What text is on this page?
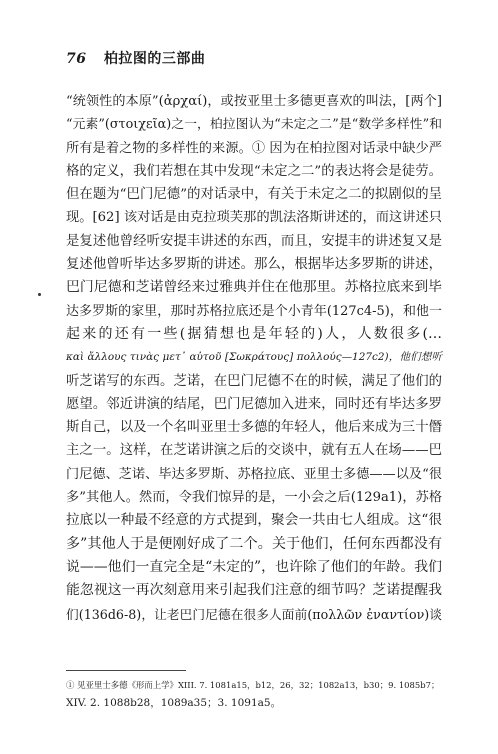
76 柏拉图的三部曲
“统领性的本原”(ἀρχαί)，或按亚里士多德更喜欢的叫法，[两个]
“元素”(στοιχεῖα)之一，柏拉图认为“未定之二”是“数学多样性”和
所有是着之物的多样性的来源。① 因为在柏拉图对话录中缺少严
格的定义，我们若想在其中发现“未定之二”的表达将会是徒劳。
但在题为“巴门尼德”的对话录中，有关于未定之二的拟剧似的呈
现。[62] 该对话是由克拉琐芙那的凯法洛斯讲述的，而这讲述只
是复述他曾经听安提丰讲述的东西，而且，安提丰的讲述复又是
复述他曾听毕达多罗斯的讲述。那么，根据毕达多罗斯的讲述，
巴门尼德和芝诺曾经来过雅典并住在他那里。苏格拉底来到毕
达多罗斯的家里，那时苏格拉底还是个小青年(127c4-5)，和他一
起来的还有一些(据猜想也是年轻的)人，人数很多(…
καὶ ἄλλους τινὰς μετ᾽ αὐτοῦ [Σωκράτους] πολλούς—127c2)，他们想听
听芝诺写的东西。芝诺，在巴门尼德不在的时候，满足了他们的
愿望。邻近讲演的结尾，巴门尼德加入进来，同时还有毕达多罗
斯自己，以及一个名叫亚里士多德的年轻人，他后来成为三十僭
主之一。这样，在芝诺讲演之后的交谈中，就有五人在场——巴
门尼德、芝诺、毕达多罗斯、苏格拉底、亚里士多德——以及“很
多”其他人。然而，令我们惊异的是，一小会之后(129a1)，苏格
拉底以一种最不经意的方式提到，聚会一共由七人组成。这“很
多”其他人于是便刚好成了二个。关于他们，任何东西都没有
说——他们一直完全是“未定的”，也许除了他们的年龄。我们
能忽视这一再次刻意用来引起我们注意的细节吗？芝诺提醒我
们(136d6-8)，让老巴门尼德在很多人面前(πολλῶν ἐναντίον)谈
① 见亚里士多德《形而上学》XIII. 7. 1081a15，b12，26，32；1082a13，b30；9. 1085b7；
XIV. 2. 1088b28，1089a35；3. 1091a5。
